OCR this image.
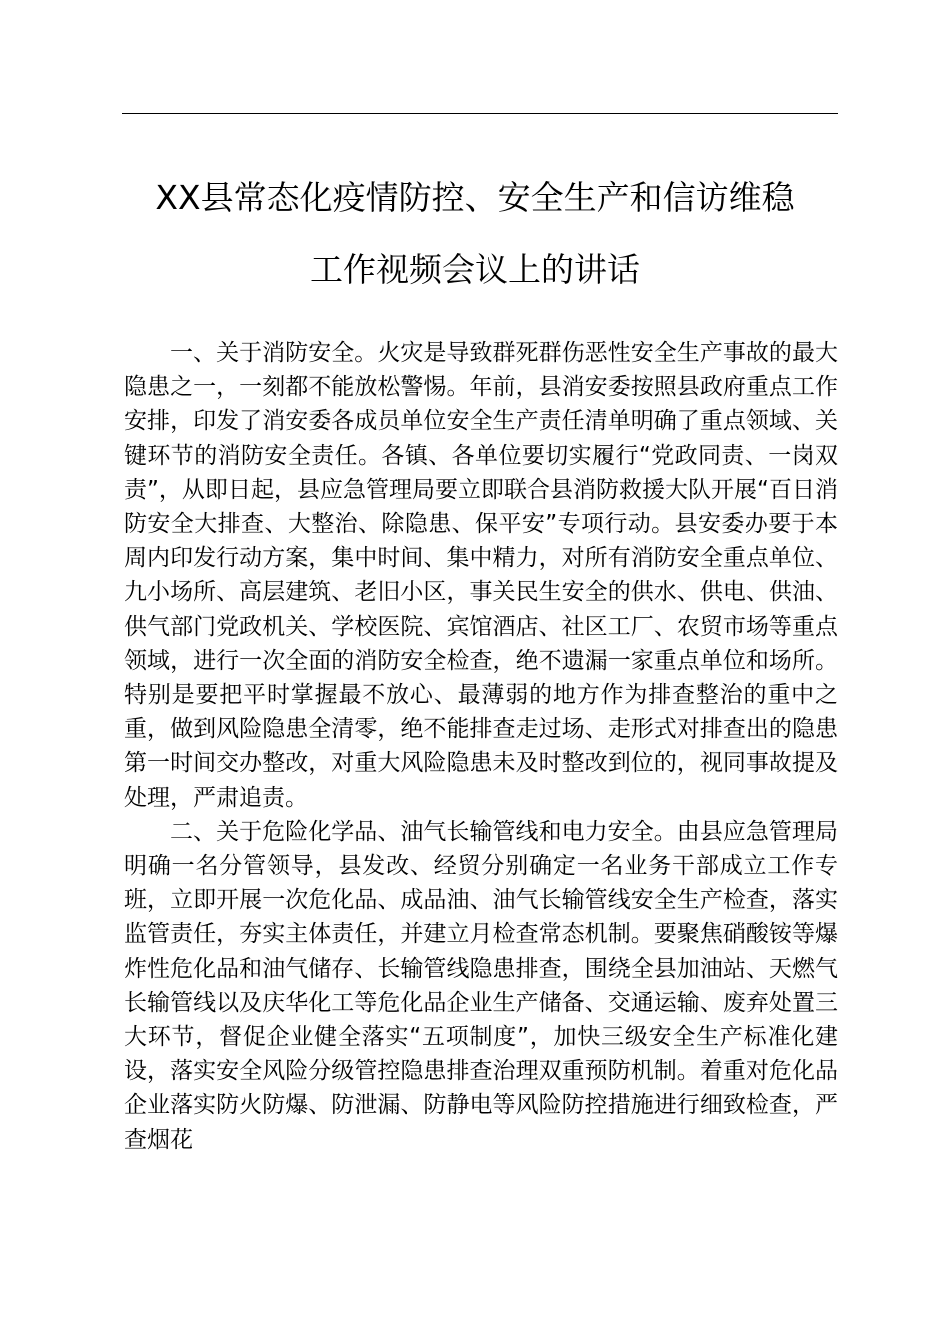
XX县常态化疫情防控、安全生产和信访维稳
工作视频会议上的讲话

一、关于消防安全。火灾是导致群死群伤恶性安全生产事故的最大隐患之一，一刻都不能放松警惕。年前，县消安委按照县政府重点工作安排，印发了消安委各成员单位安全生产责任清单明确了重点领域、关键环节的消防安全责任。各镇、各单位要切实履行“党政同责、一岗双责”，从即日起，县应急管理局要立即联合县消防救援大队开展“百日消防安全大排查、大整治、除隐患、保平安”专项行动。县安委办要于本周内印发行动方案，集中时间、集中精力，对所有消防安全重点单位、九小场所、高层建筑、老旧小区，事关民生安全的供水、供电、供油、供气部门党政机关、学校医院、宾馆酒店、社区工厂、农贸市场等重点领域，进行一次全面的消防安全检查，绝不遗漏一家重点单位和场所。特别是要把平时掌握最不放心、最薄弱的地方作为排查整治的重中之重，做到风险隐患全清零，绝不能排查走过场、走形式对排查出的隐患第一时间交办整改，对重大风险隐患未及时整改到位的，视同事故提及处理，严肃追责。

二、关于危险化学品、油气长输管线和电力安全。由县应急管理局明确一名分管领导，县发改、经贸分别确定一名业务干部成立工作专班，立即开展一次危化品、成品油、油气长输管线安全生产检查，落实监管责任，夯实主体责任，并建立月检查常态机制。要聚焦硝酸铵等爆炸性危化品和油气储存、长输管线隐患排查，围绕全县加油站、天燃气长输管线以及庆华化工等危化品企业生产储备、交通运输、废弃处置三大环节，督促企业健全落实“五项制度”，加快三级安全生产标准化建设，落实安全风险分级管控隐患排查治理双重预防机制。着重对危化品企业落实防火防爆、防泄漏、防静电等风险防控措施进行细致检查，严查烟花
